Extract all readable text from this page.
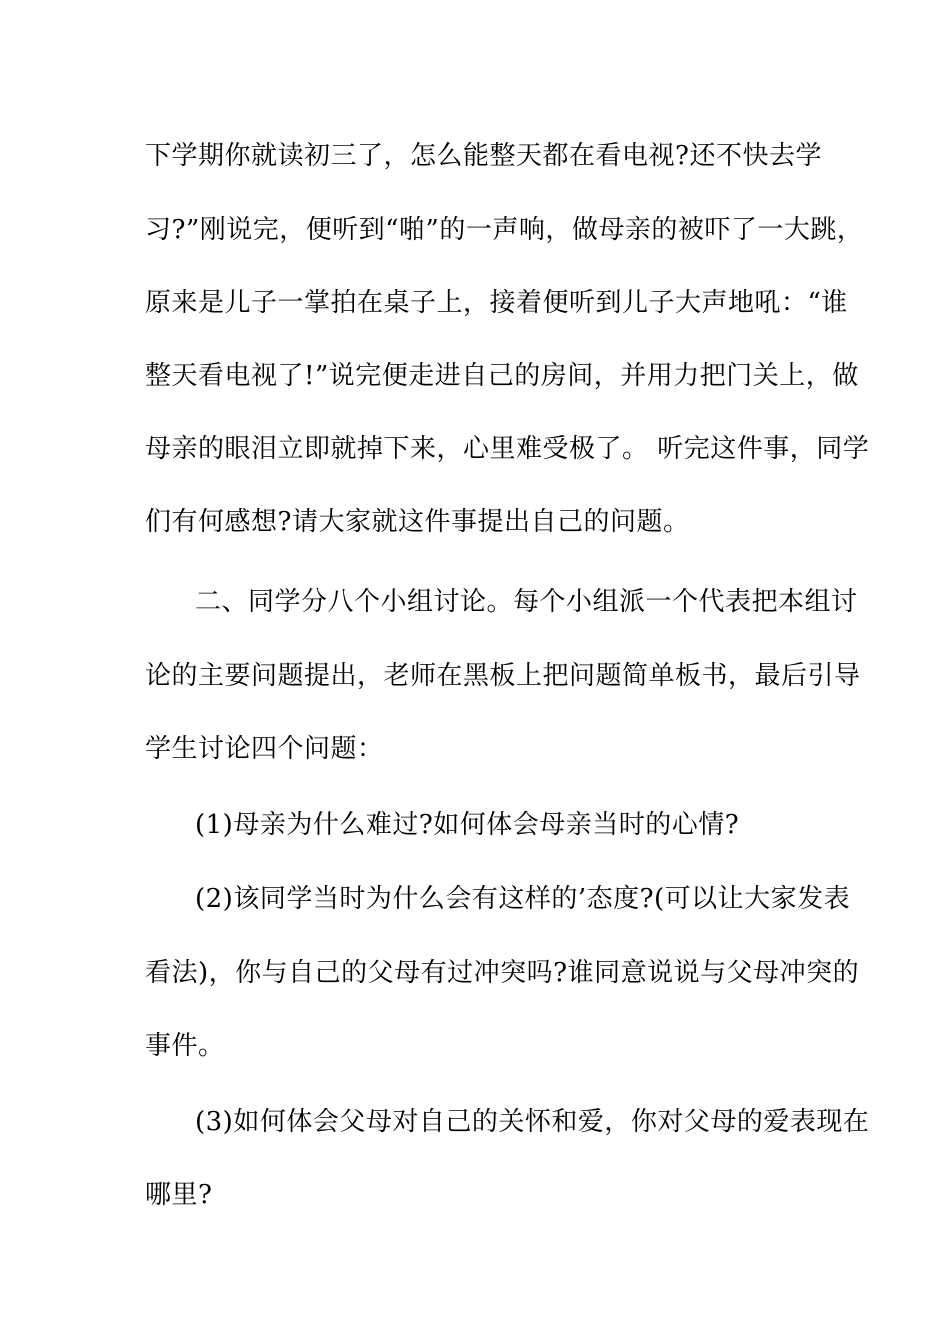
下学期你就读初三了，怎么能整天都在看电视?还不快去学
习?”刚说完，便听到“啪”的一声响，做母亲的被吓了一大跳，
原来是儿子一掌拍在桌子上，接着便听到儿子大声地吼：“谁
整天看电视了!”说完便走进自己的房间，并用力把门关上，做
母亲的眼泪立即就掉下来，心里难受极了。 听完这件事，同学
们有何感想?请大家就这件事提出自己的问题。
二、同学分八个小组讨论。每个小组派一个代表把本组讨
论的主要问题提出，老师在黑板上把问题简单板书，最后引导
学生讨论四个问题：
(1)母亲为什么难过?如何体会母亲当时的心情?
(2)该同学当时为什么会有这样的’态度?(可以让大家发表
看法)，你与自己的父母有过冲突吗?谁同意说说与父母冲突的
事件。
(3)如何体会父母对自己的关怀和爱，你对父母的爱表现在
哪里?
